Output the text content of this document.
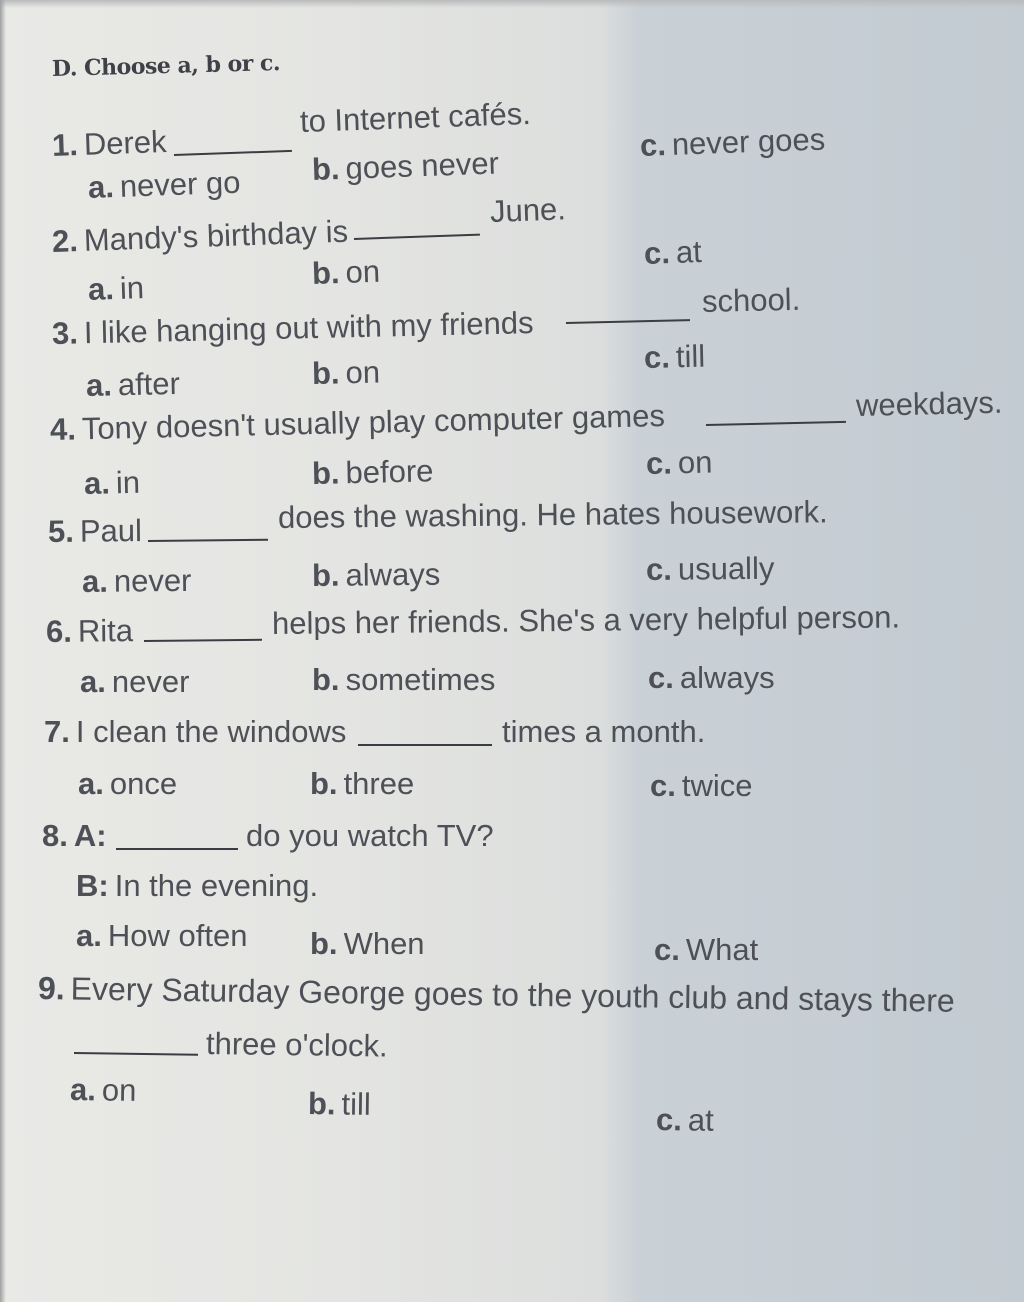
D. Choose a, b or c.
1. Derek
to Internet cafés.
a. never go b. goes never
c. never goes
2. Mandy's birthday is
June.
a. in	b. on
c. at
3. I like hanging out with my friends
school.
a. after	b. on	c. till
4. Tony doesn't usually play computer games	weekdays.
a. in	b. before	c. on
5. Paul	does the washing. He hates housework.
a. never	b. always	c. usually
6. Rita	helps her friends. She's a very helpful person.
a. never	b. sometimes	c. always
7. I clean the windows	times a month.
a. once	b. three	c. twice
8. A:	do you watch TV?
B: In the evening.
a. How often b. When	c. What
9. Every Saturday George goes to the youth club and stays there
three o'clock.
a. on	b. till	c. at
